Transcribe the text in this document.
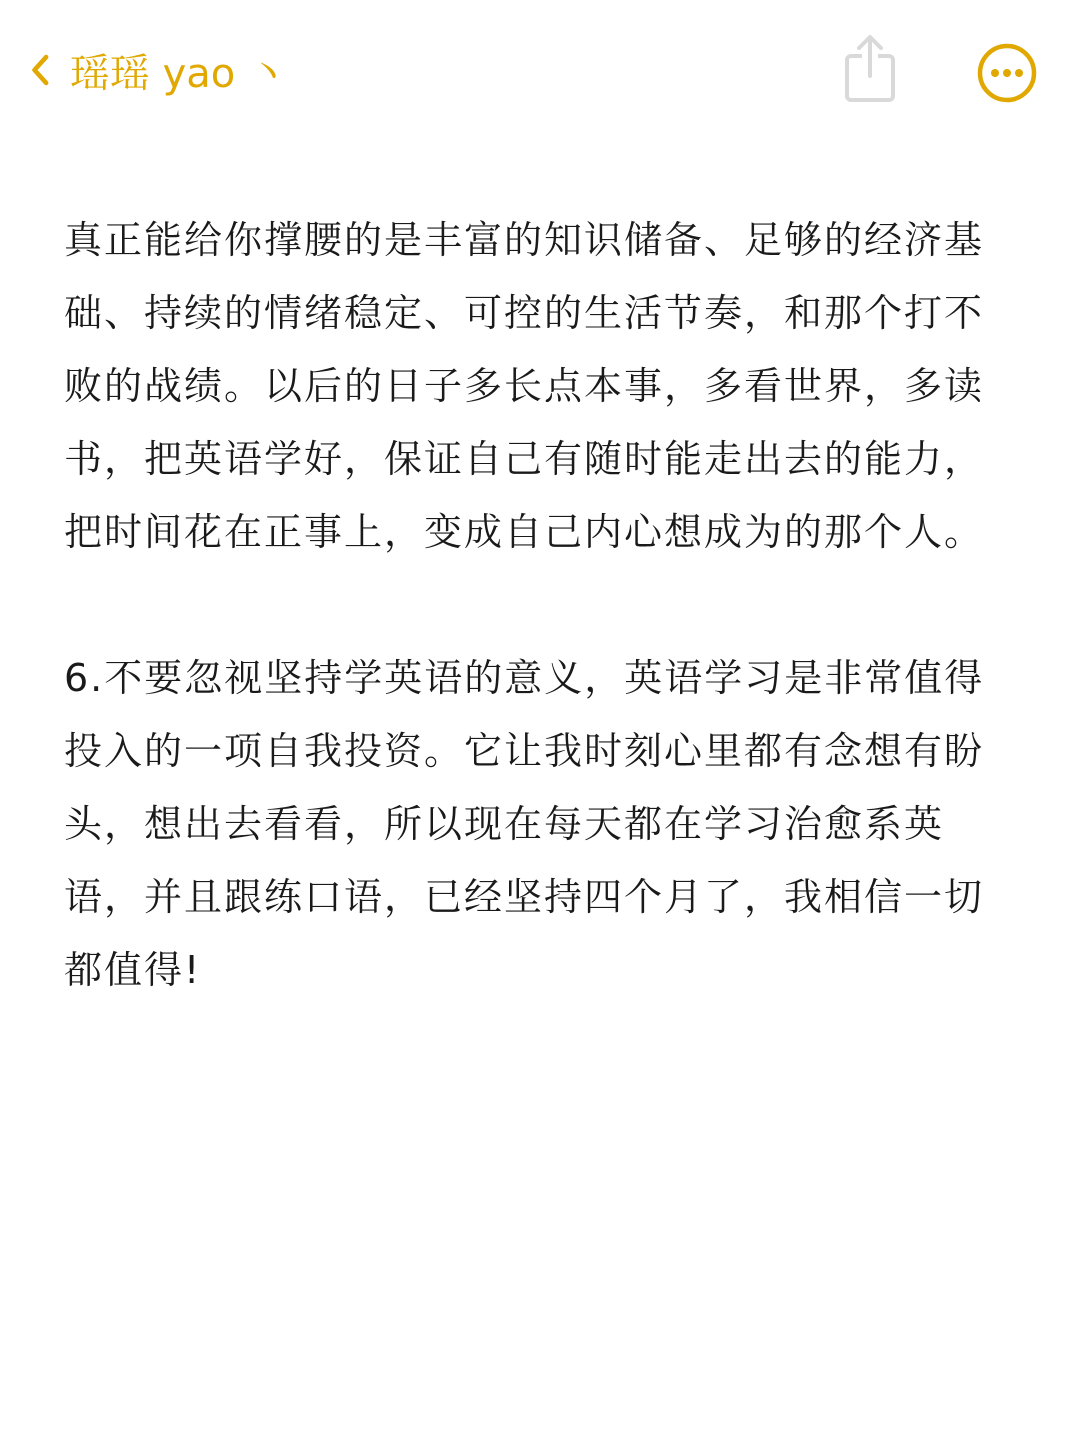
瑶瑶 yao 丶
真正能给你撑腰的是丰富的知识储备、足够的经济基
础、持续的情绪稳定、可控的生活节奏，和那个打不
败的战绩。以后的日子多长点本事，多看世界，多读
书，把英语学好，保证自己有随时能走出去的能力，
把时间花在正事上，变成自己内心想成为的那个人。
6.不要忽视坚持学英语的意义，英语学习是非常值得
投入的一项自我投资。它让我时刻心里都有念想有盼
头，想出去看看，所以现在每天都在学习治愈系英
语，并且跟练口语，已经坚持四个月了，我相信一切
都值得!
